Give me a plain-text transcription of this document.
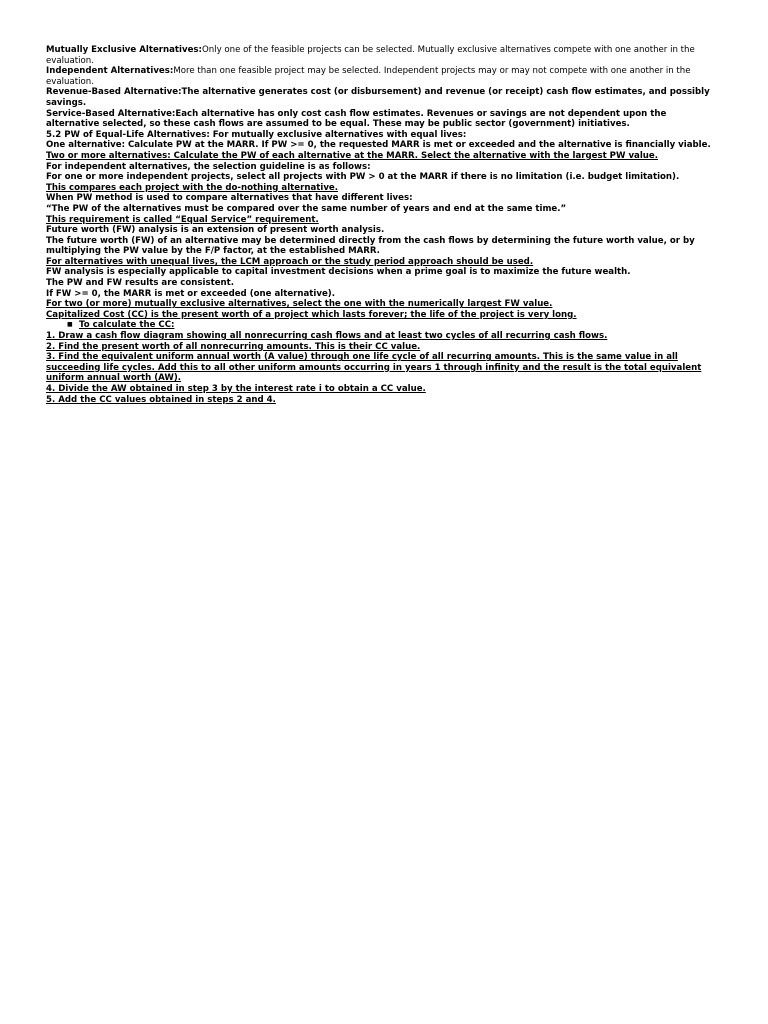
Mutually Exclusive Alternatives:Only one of the feasible projects can be selected. Mutually exclusive alternatives compete with one another in the evaluation.

Independent Alternatives:More than one feasible project may be selected. Independent projects may or may not compete with one another in the evaluation.

Revenue-Based Alternative:The alternative generates cost (or disbursement) and revenue (or receipt) cash flow estimates, and possibly savings.

Service-Based Alternative:Each alternative has only cost cash flow estimates. Revenues or savings are not dependent upon the alternative selected, so these cash flows are assumed to be equal. These may be public sector (government) initiatives.

5.2 PW of Equal-Life Alternatives: For mutually exclusive alternatives with equal lives:

One alternative: Calculate PW at the MARR. If PW >= 0, the requested MARR is met or exceeded and the alternative is financially viable.

Two or more alternatives: Calculate the PW of each alternative at the MARR. Select the alternative with the largest PW value.

For independent alternatives, the selection guideline is as follows:

For one or more independent projects, select all projects with PW > 0 at the MARR if there is no limitation (i.e. budget limitation).

This compares each project with the do-nothing alternative.

When PW method is used to compare alternatives that have different lives:

“The PW of the alternatives must be compared over the same number of years and end at the same time.”

This requirement is called “Equal Service” requirement.

Future worth (FW) analysis is an extension of present worth analysis.

The future worth (FW) of an alternative may be determined directly from the cash flows by determining the future worth value, or by multiplying the PW value by the F/P factor, at the established MARR.

For alternatives with unequal lives, the LCM approach or the study period approach should be used.

FW analysis is especially applicable to capital investment decisions when a prime goal is to maximize the future wealth.

The PW and FW results are consistent.

If FW >= 0, the MARR is met or exceeded (one alternative).

For two (or more) mutually exclusive alternatives, select the one with the numerically largest FW value.

Capitalized Cost (CC) is the present worth of a project which lasts forever; the life of the project is very long.

■ To calculate the CC:

1. Draw a cash flow diagram showing all nonrecurring cash flows and at least two cycles of all recurring cash flows.

2. Find the present worth of all nonrecurring amounts. This is their CC value.

3. Find the equivalent uniform annual worth (A value) through one life cycle of all recurring amounts. This is the same value in all succeeding life cycles. Add this to all other uniform amounts occurring in years 1 through infinity and the result is the total equivalent uniform annual worth (AW).

4. Divide the AW obtained in step 3 by the interest rate i to obtain a CC value.

5. Add the CC values obtained in steps 2 and 4.
